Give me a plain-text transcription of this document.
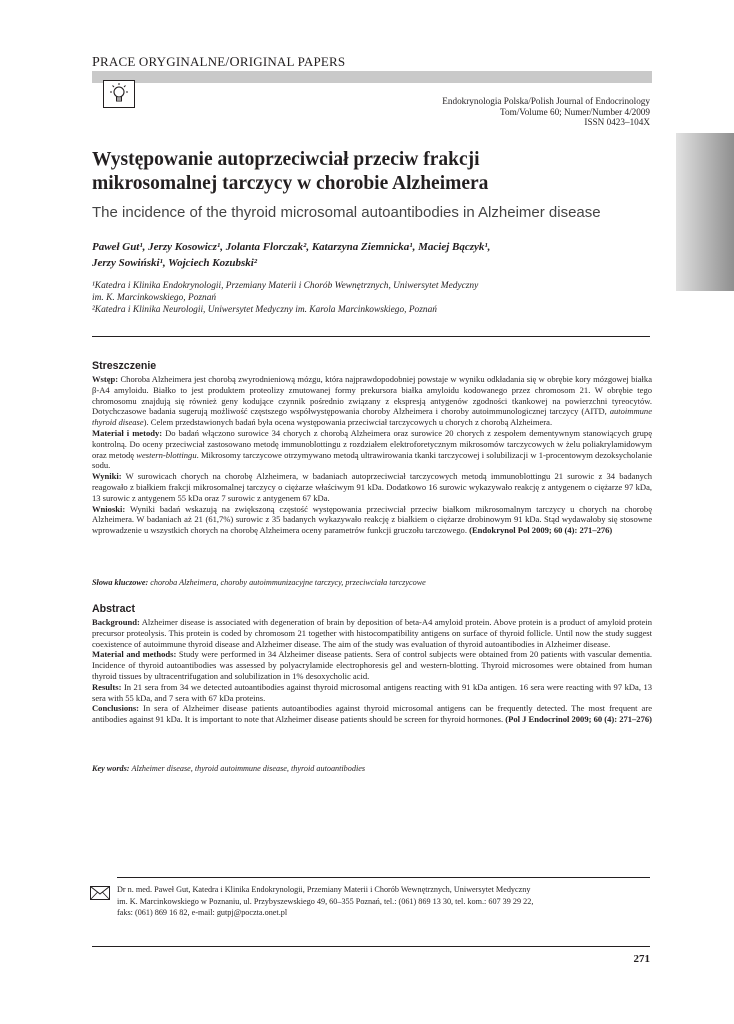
PRACE ORYGINALNE/ORIGINAL PAPERS
Endokrynologia Polska/Polish Journal of Endocrinology
Tom/Volume 60; Numer/Number 4/2009
ISSN 0423–104X
Występowanie autoprzeciwciał przeciw frakcji
mikrosomalnej tarczycy w chorobie Alzheimera
The incidence of the thyroid microsomal autoantibodies in Alzheimer disease
Paweł Gut¹, Jerzy Kosowicz¹, Jolanta Florczak², Katarzyna Ziemnicka¹, Maciej Bączyk¹,
Jerzy Sowiński¹, Wojciech Kozubski²
¹Katedra i Klinika Endokrynologii, Przemiany Materii i Chorób Wewnętrznych, Uniwersytet Medyczny
im. K. Marcinkowskiego, Poznań
²Katedra i Klinika Neurologii, Uniwersytet Medyczny im. Karola Marcinkowskiego, Poznań
Streszczenie
Wstęp: Choroba Alzheimera jest chorobą zwyrodnieniową mózgu, która najprawdopodobniej powstaje w wyniku odkładania się w obrębie kory mózgowej białka β-A4 amyloidu. Białko to jest produktem proteolizy zmutowanej formy prekursora białka amyloidu kodowanego przez chromosom 21. W obrębie tego chromosomu znajdują się również geny kodujące czynnik pośrednio związany z ekspresją antygenów zgodności tkankowej na powierzchni tyreocytów. Dotychczasowe badania sugerują możliwość częstszego współwystępowania choroby Alzheimera i choroby autoimmunologicznej tarczycy (AITD, autoimmune thyroid disease). Celem przedstawionych badań była ocena występowania przeciwciał tarczycowych u chorych z chorobą Alzheimera.
Materiał i metody: Do badań włączono surowice 34 chorych z chorobą Alzheimera oraz surowice 20 chorych z zespołem dementywnym stanowiących grupę kontrolną. Do oceny przeciwciał zastosowano metodę immunoblottingu z rozdziałem elektroforetycznym mikrosomów tarczycowych w żelu poliakrylamidowym oraz metodę western-blottingu. Mikrosomy tarczycowe otrzymywano metodą ultrawirowania tkanki tarczycowej i solubilizacji w 1-procentowym dezoksycholanie sodu.
Wyniki: W surowicach chorych na chorobę Alzheimera, w badaniach autoprzeciwciał tarczycowych metodą immunoblottingu 21 surowic z 34 badanych reagowało z białkiem frakcji mikrosomalnej tarczycy o ciężarze właściwym 91 kDa. Dodatkowo 16 surowic wykazywało reakcję z antygenem o ciężarze 97 kDa, 13 surowic z antygenem 55 kDa oraz 7 surowic z antygenem 67 kDa.
Wnioski: Wyniki badań wskazują na zwiększoną częstość występowania przeciwciał przeciw białkom mikrosomalnym tarczycy u chorych na chorobę Alzheimera. W badaniach aż 21 (61,7%) surowic z 35 badanych wykazywało reakcję z białkiem o ciężarze drobinowym 91 kDa. Stąd wydawałoby się stosowne wprowadzenie u wszystkich chorych na chorobę Alzheimera oceny parametrów funkcji gruczołu tarczowego. (Endokrynol Pol 2009; 60 (4): 271–276)
Słowa kluczowe: choroba Alzheimera, choroby autoimmunizacyjne tarczycy, przeciwciała tarczycowe
Abstract
Background: Alzheimer disease is associated with degeneration of brain by deposition of beta-A4 amyloid protein. Above protein is a product of amyloid protein precursor proteolysis. This protein is coded by chromosom 21 together with histocompatibility antigens on surface of thyroid follicle. Until now the study suggest coexistence of autoimmune thyroid disease and Alzheimer disease. The aim of the study was evaluation of thyroid autoantibodies in Alzheimer disease.
Material and methods: Study were performed in 34 Alzheimer disease patients. Sera of control subjects were obtained from 20 patients with vascular dementia. Incidence of thyroid autoantibodies was assessed by polyacrylamide electrophoresis gel and western-blotting. Thyroid microsomes were obtained from human thyroid tissues by ultracentrifugation and solubilization in 1% desoxycholic acid.
Results: In 21 sera from 34 we detected autoantibodies against thyroid microsomal antigens reacting with 91 kDa antigen. 16 sera were reacting with 97 kDa, 13 sera with 55 kDa, and 7 sera with 67 kDa proteins.
Conclusions: In sera of Alzheimer disease patients autoantibodies against thyroid microsomal antigens can be frequently detected. The most frequent are antibodies against 91 kDa. It is important to note that Alzheimer disease patients should be screen for thyroid hormones. (Pol J Endocrinol 2009; 60 (4): 271–276)
Key words: Alzheimer disease, thyroid autoimmune disease, thyroid autoantibodies
Dr n. med. Paweł Gut, Katedra i Klinika Endokrynologii, Przemiany Materii i Chorób Wewnętrznych, Uniwersytet Medyczny
im. K. Marcinkowskiego w Poznaniu, ul. Przybyszewskiego 49, 60–355 Poznań, tel.: (061) 869 13 30, tel. kom.: 607 39 29 22,
faks: (061) 869 16 82, e-mail: gutpj@poczta.onet.pl
271
